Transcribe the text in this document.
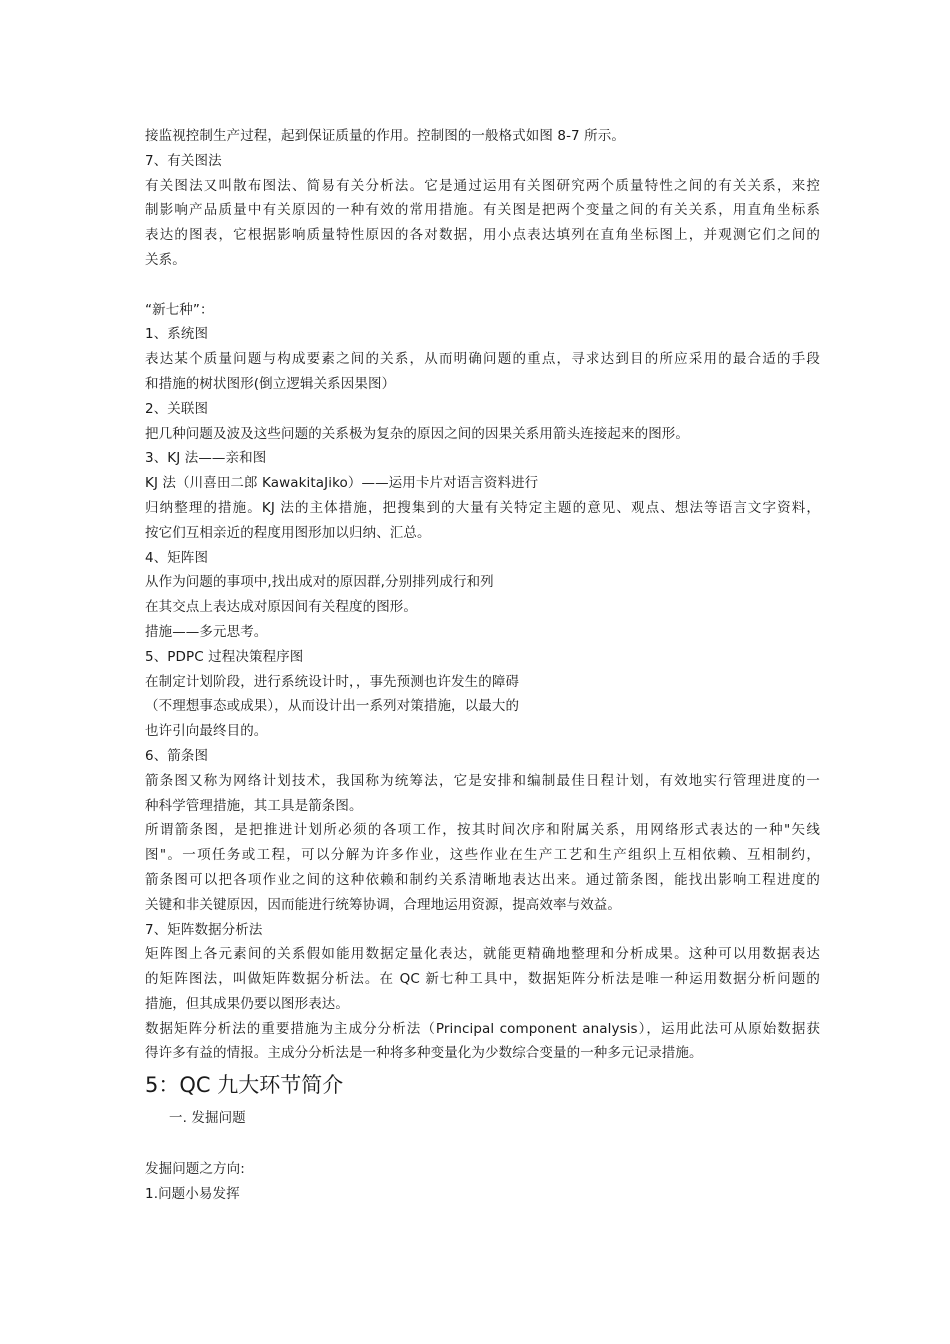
接监视控制生产过程，起到保证质量的作用。控制图的一般格式如图 8-7 所示。
7、有关图法
有关图法又叫散布图法、简易有关分析法。它是通过运用有关图研究两个质量特性之间的有关关系，来控
制影响产品质量中有关原因的一种有效的常用措施。有关图是把两个变量之间的有关关系，用直角坐标系
表达的图表，它根据影响质量特性原因的各对数据，用小点表达填列在直角坐标图上，并观测它们之间的
关系。
“新七种”：
1、系统图
表达某个质量问题与构成要素之间的关系，从而明确问题的重点，寻求达到目的所应采用的最合适的手段
和措施的树状图形(倒立逻辑关系因果图）
2、关联图
把几种问题及波及这些问题的关系极为复杂的原因之间的因果关系用箭头连接起来的图形。
3、KJ 法——亲和图
KJ 法（川喜田二郎 KawakitaJiko）——运用卡片对语言资料进行
归纳整理的措施。KJ 法的主体措施，把搜集到的大量有关特定主题的意见、观点、想法等语言文字资料，
按它们互相亲近的程度用图形加以归纳、汇总。
4、矩阵图
从作为问题的事项中,找出成对的原因群,分别排列成行和列
在其交点上表达成对原因间有关程度的图形。
措施——多元思考。
5、PDPC 过程决策程序图
在制定计划阶段，进行系统设计时，，事先预测也许发生的障碍
（不理想事态或成果），从而设计出一系列对策措施，以最大的
也许引向最终目的。
6、箭条图
箭条图又称为网络计划技术，我国称为统筹法，它是安排和编制最佳日程计划，有效地实行管理进度的一
种科学管理措施，其工具是箭条图。
所谓箭条图，是把推进计划所必须的各项工作，按其时间次序和附属关系，用网络形式表达的一种"矢线
图"。一项任务或工程，可以分解为许多作业，这些作业在生产工艺和生产组织上互相依赖、互相制约，
箭条图可以把各项作业之间的这种依赖和制约关系清晰地表达出来。通过箭条图，能找出影响工程进度的
关键和非关键原因，因而能进行统筹协调，合理地运用资源，提高效率与效益。
7、矩阵数据分析法
矩阵图上各元素间的关系假如能用数据定量化表达，就能更精确地整理和分析成果。这种可以用数据表达
的矩阵图法，叫做矩阵数据分析法。在 QC 新七种工具中，数据矩阵分析法是唯一种运用数据分析问题的
措施，但其成果仍要以图形表达。
数据矩阵分析法的重要措施为主成分分析法（Principal component analysis），运用此法可从原始数据获
得许多有益的情报。主成分分析法是一种将多种变量化为少数综合变量的一种多元记录措施。
5：QC 九大环节简介
一. 发掘问题
发掘问题之方向:
1.问题小易发挥
